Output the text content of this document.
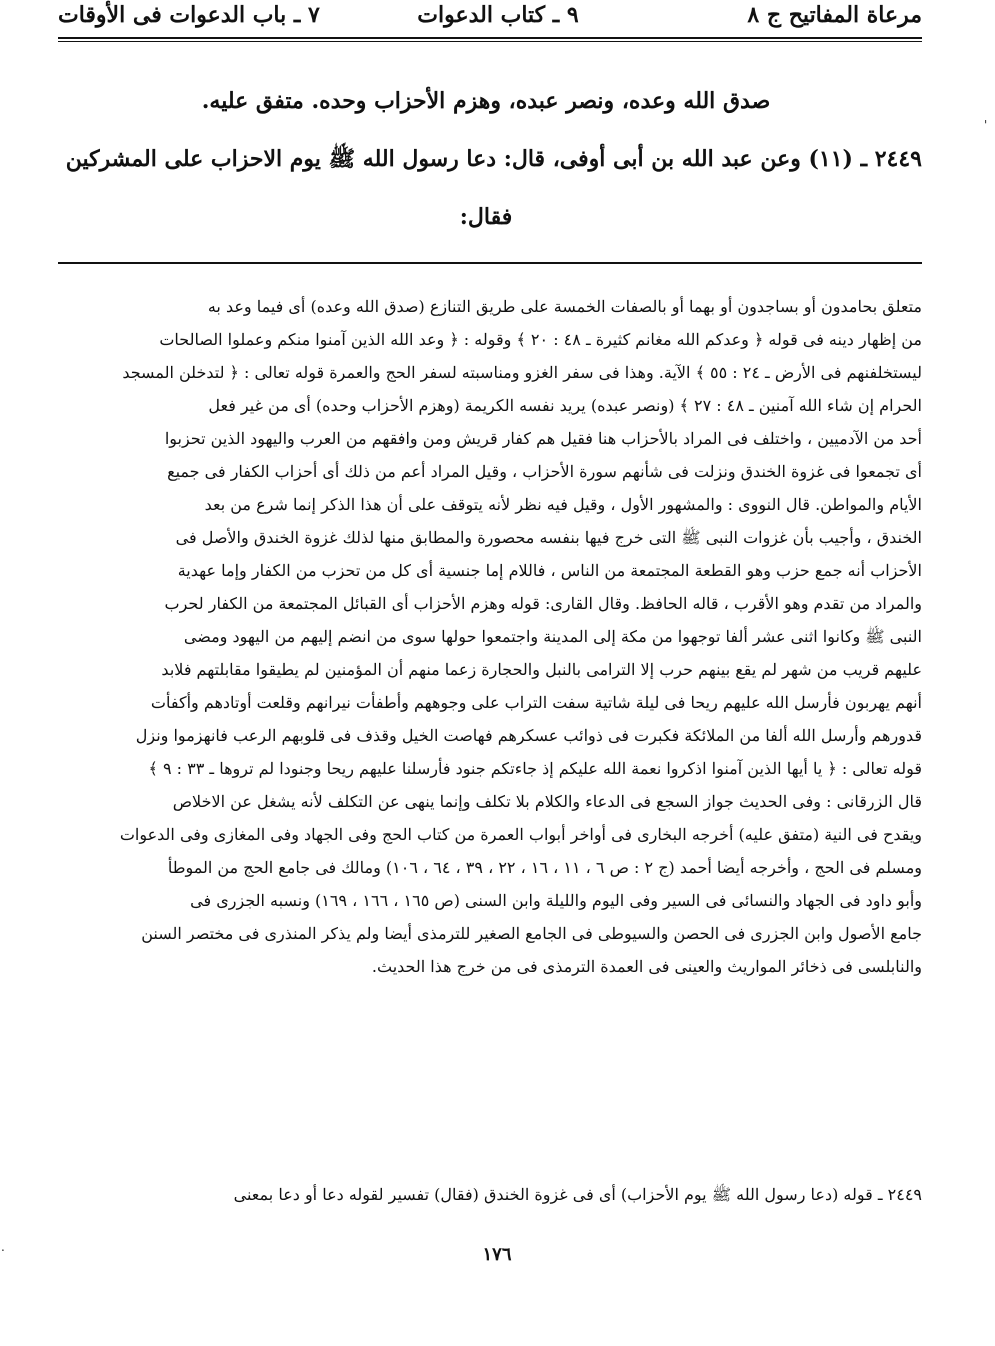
مرعاة المفاتيح ج ٨
٩ ـ كتاب الدعوات
٧ ـ باب الدعوات فى الأوقات
صدق الله وعده، ونصر عبده، وهزم الأحزاب وحده. متفق عليه.
٢٤٤٩ ـ (١١) وعن عبد الله بن أبى أوفى، قال: دعا رسول الله ﷺ يوم الاحزاب على المشركين
فقال:

متعلق بحامدون أو بساجدون أو بهما أو بالصفات الخمسة على طريق التنازع (صدق الله وعده) أى فيما وعد به

من إظهار دينه فى قوله ﴿ وعدكم الله مغانم كثيرة ـ ٤٨ : ٢٠ ﴾ وقوله : ﴿ وعد الله الذين آمنوا منكم وعملوا الصالحات

ليستخلفنهم فى الأرض ـ ٢٤ : ٥٥ ﴾ الآية. وهذا فى سفر الغزو ومناسبته لسفر الحج والعمرة قوله تعالى : ﴿ لتدخلن المسجد

الحرام إن شاء الله آمنين ـ ٤٨ : ٢٧ ﴾ (ونصر عبده) يريد نفسه الكريمة (وهزم الأحزاب وحده) أى من غير فعل

أحد من الآدميين ، واختلف فى المراد بالأحزاب هنا فقيل هم كفار قريش ومن وافقهم من العرب واليهود الذين تحزبوا

أى تجمعوا فى غزوة الخندق ونزلت فى شأنهم سورة الأحزاب ، وقيل المراد أعم من ذلك أى أحزاب الكفار فى جميع

الأيام والمواطن. قال النووى : والمشهور الأول ، وقيل فيه نظر لأنه يتوقف على أن هذا الذكر إنما شرع من بعد

الخندق ، وأجيب بأن غزوات النبى ﷺ التى خرج فيها بنفسه محصورة والمطابق منها لذلك غزوة الخندق والأصل فى

الأحزاب أنه جمع حزب وهو القطعة المجتمعة من الناس ، فاللام إما جنسية أى كل من تحزب من الكفار وإما عهدية

والمراد من تقدم وهو الأقرب ، قاله الحافظ. وقال القارى: قوله وهزم الأحزاب أى القبائل المجتمعة من الكفار لحرب

النبى ﷺ وكانوا اثنى عشر ألفا توجهوا من مكة إلى المدينة واجتمعوا حولها سوى من انضم إليهم من اليهود ومضى

عليهم قريب من شهر لم يقع بينهم حرب إلا الترامى بالنبل والحجارة زعما منهم أن المؤمنين لم يطيقوا مقابلتهم فلابد

أنهم يهربون فأرسل الله عليهم ريحا فى ليلة شاتية سفت التراب على وجوههم وأطفأت نيرانهم وقلعت أوتادهم وأكفأت

قدورهم وأرسل الله ألفا من الملائكة فكبرت فى ذوائب عسكرهم فهاصت الخيل وقذف فى قلوبهم الرعب فانهزموا ونزل

قوله تعالى : ﴿ يا أيها الذين آمنوا اذكروا نعمة الله عليكم إذ جاءتكم جنود فأرسلنا عليهم ريحا وجنودا لم تروها ـ ٣٣ : ٩ ﴾

قال الزرقانى : وفى الحديث جواز السجع فى الدعاء والكلام بلا تكلف وإنما ينهى عن التكلف لأنه يشغل عن الاخلاص

ويقدح فى النية (متفق عليه) أخرجه البخارى فى أواخر أبواب العمرة من كتاب الحج وفى الجهاد وفى المغازى وفى الدعوات

ومسلم فى الحج ، وأخرجه أيضا أحمد (ج ٢ : ص ٦ ، ١١ ، ١٦ ، ٢٢ ، ٣٩ ، ٦٤ ، ١٠٦) ومالك فى جامع الحج من الموطأ

وأبو داود فى الجهاد والنسائى فى السير وفى اليوم والليلة وابن السنى (ص ١٦٥ ، ١٦٦ ، ١٦٩) ونسبه الجزرى فى

جامع الأصول وابن الجزرى فى الحصن والسيوطى فى الجامع الصغير للترمذى أيضا ولم يذكر المنذرى فى مختصر السنن

والنابلسى فى ذخائر المواريث والعينى فى العمدة الترمذى فى من خرج هذا الحديث.

٢٤٤٩ ـ قوله (دعا رسول الله ﷺ يوم الأحزاب) أى فى غزوة الخندق (فقال) تفسير لقوله دعا أو دعا بمعنى
١٧٦
'
.
